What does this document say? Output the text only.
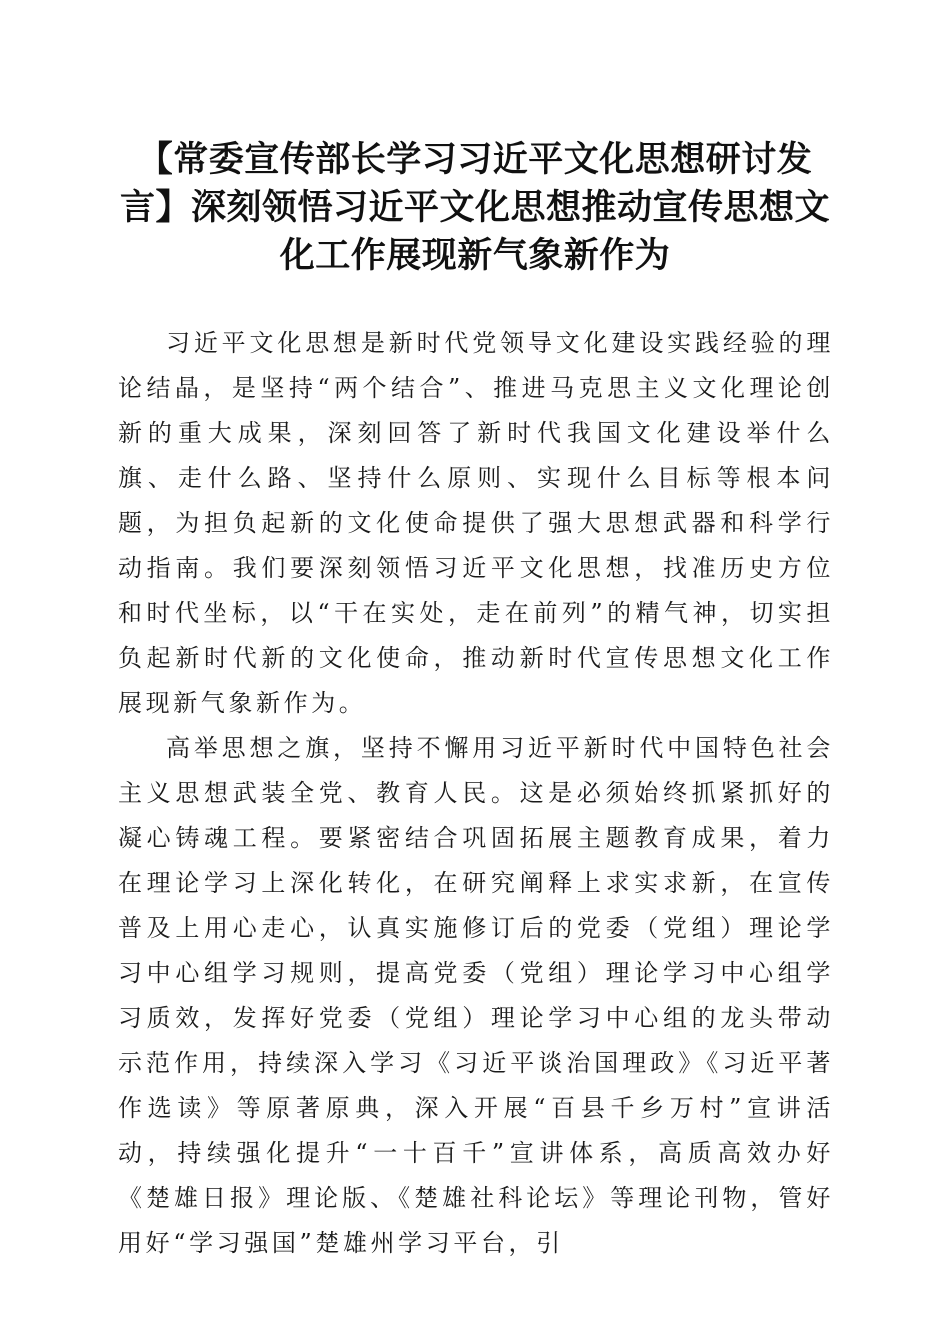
【常委宣传部长学习习近平文化思想研讨发言】深刻领悟习近平文化思想推动宣传思想文化工作展现新气象新作为

习近平文化思想是新时代党领导文化建设实践经验的理论结晶，是坚持“两个结合”、推进马克思主义文化理论创新的重大成果，深刻回答了新时代我国文化建设举什么旗、走什么路、坚持什么原则、实现什么目标等根本问题，为担负起新的文化使命提供了强大思想武器和科学行动指南。我们要深刻领悟习近平文化思想，找准历史方位和时代坐标，以“干在实处，走在前列”的精气神，切实担负起新时代新的文化使命，推动新时代宣传思想文化工作展现新气象新作为。

高举思想之旗，坚持不懈用习近平新时代中国特色社会主义思想武装全党、教育人民。这是必须始终抓紧抓好的凝心铸魂工程。要紧密结合巩固拓展主题教育成果，着力在理论学习上深化转化，在研究阐释上求实求新，在宣传普及上用心走心，认真实施修订后的党委（党组）理论学习中心组学习规则，提高党委（党组）理论学习中心组学习质效，发挥好党委（党组）理论学习中心组的龙头带动示范作用，持续深入学习《习近平谈治国理政》《习近平著作选读》等原著原典，深入开展“百县千乡万村”宣讲活动，持续强化提升“一十百千”宣讲体系，高质高效办好《楚雄日报》理论版、《楚雄社科论坛》等理论刊物，管好用好“学习强国”楚雄州学习平台，引
